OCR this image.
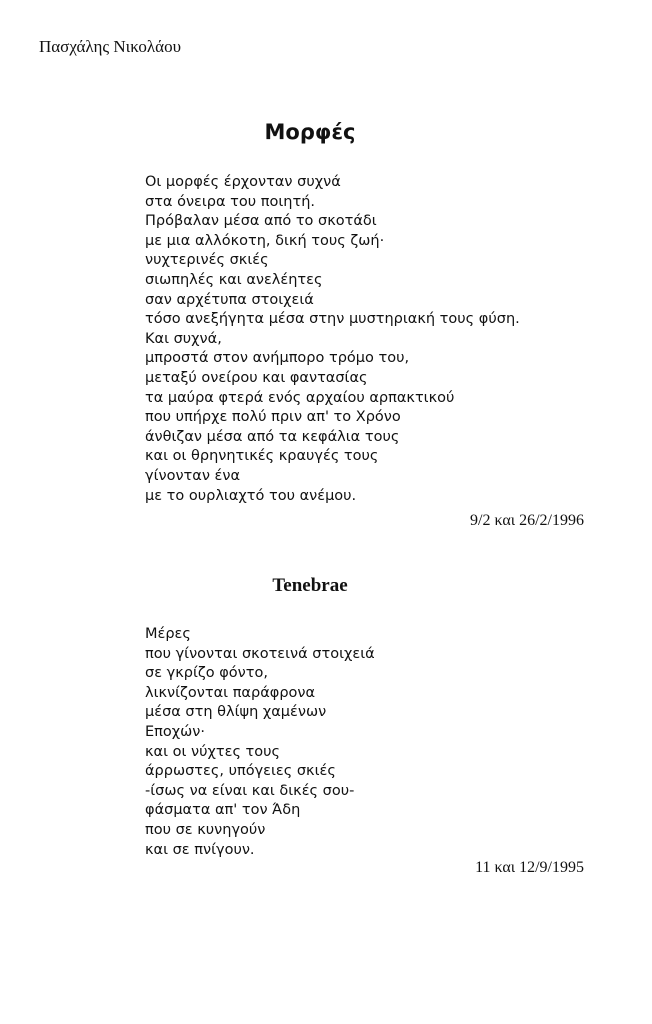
Πασχάλης Νικολάου
Μορφές
Οι μορφές έρχονταν συχνά
στα όνειρα του ποιητή.
Πρόβαλαν μέσα από το σκοτάδι
με μια αλλόκοτη, δική τους ζωή·
νυχτερινές σκιές
σιωπηλές και ανελέητες
σαν αρχέτυπα στοιχειά
τόσο ανεξήγητα μέσα στην μυστηριακή τους φύση.
Και συχνά,
μπροστά στον ανήμπορο τρόμο του,
μεταξύ ονείρου και φαντασίας
τα μαύρα φτερά ενός αρχαίου αρπακτικού
που υπήρχε πολύ πριν απ' το Χρόνο
άνθιζαν μέσα από τα κεφάλια τους
και οι θρηνητικές κραυγές τους
γίνονταν ένα
με το ουρλιαχτό του ανέμου.
9/2 και 26/2/1996
Tenebrae
Μέρες
που γίνονται σκοτεινά στοιχειά
σε γκρίζο φόντο,
λικνίζονται παράφρονα
μέσα στη θλίψη χαμένων
Εποχών·
και οι νύχτες τους
άρρωστες, υπόγειες σκιές
-ίσως να είναι και δικές σου-
φάσματα απ' τον Άδη
που σε κυνηγούν
και σε πνίγουν.
11 και 12/9/1995
